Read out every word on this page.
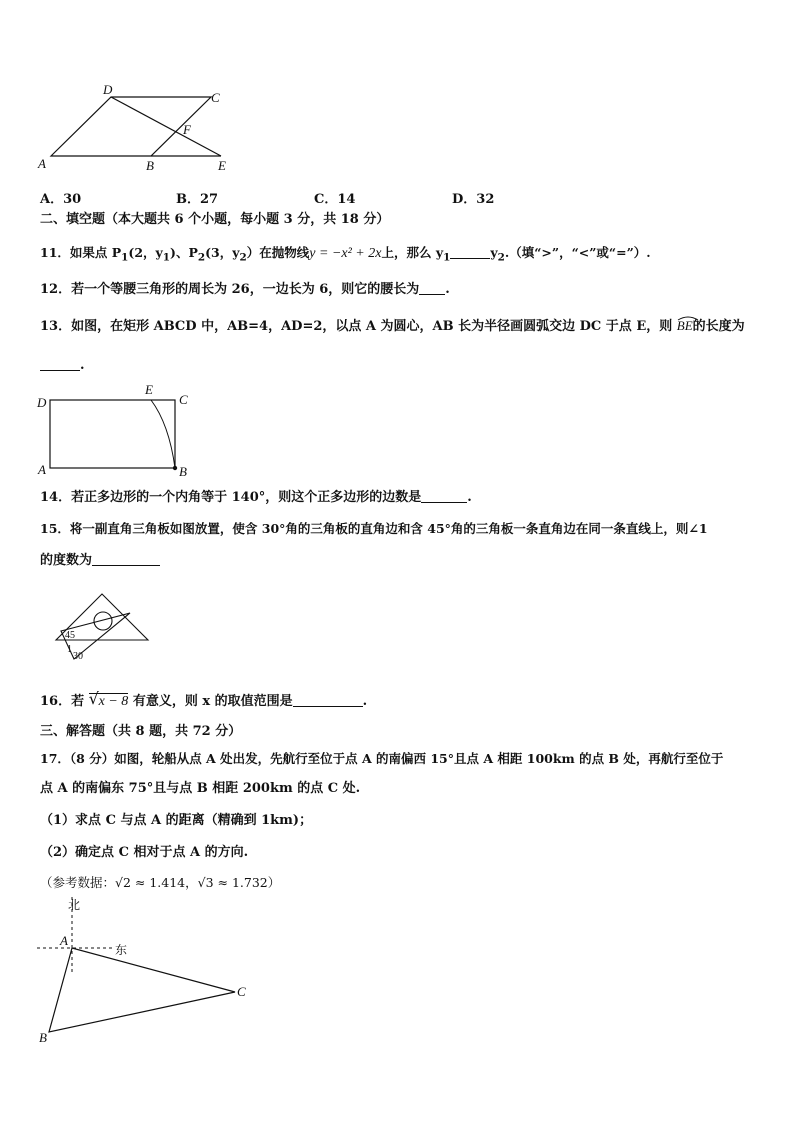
D
C
F
A	B	E
A．30	B．27	C．14	D．32
二、填空题（本大题共 6 个小题，每小题 3 分，共 18 分）
11．如果点 $P_1(2$，$y_1$)、$P_2(3$，$y_2$）在抛物线y = −x² + 2x上，那么 $y_1$	$y_2$.（填“>”，“<”或“=”）.
12．若一个等腰三角形的周长为 26，一边长为 6，则它的腰长为 .
13．如图，在矩形 ABCD 中，AB=4，AD=2，以点 A 为圆心，AB 长为半径画圆弧交边 DC 于点 E，则 BE的长度为
.
D
E
C
A	B
14．若正多边形的一个内角等于 140°，则这个正多边形的边数是	.
15．将一副直角三角板如图放置，使含 30°角的三角板的直角边和含 45°角的三角板一条直角边在同一条直线上，则∠1
的度数为
45
1
30
16．若 √ x − 8 有意义，则 x 的取值范围是	.
三、解答题（共 8 题，共 72 分）
17．（8 分）如图，轮船从点 A 处出发，先航行至位于点 A 的南偏西 15°且点 A 相距 100km 的点 B 处，再航行至位于
点 A 的南偏东 75°且与点 B 相距 200km 的点 C 处.
（1）求点 C 与点 A 的距离（精确到 1km)；
（2）确定点 C 相对于点 A 的方向.
（参考数据：√2 ≈ 1.414，√3 ≈ 1.732）
北
东
A
B
C
